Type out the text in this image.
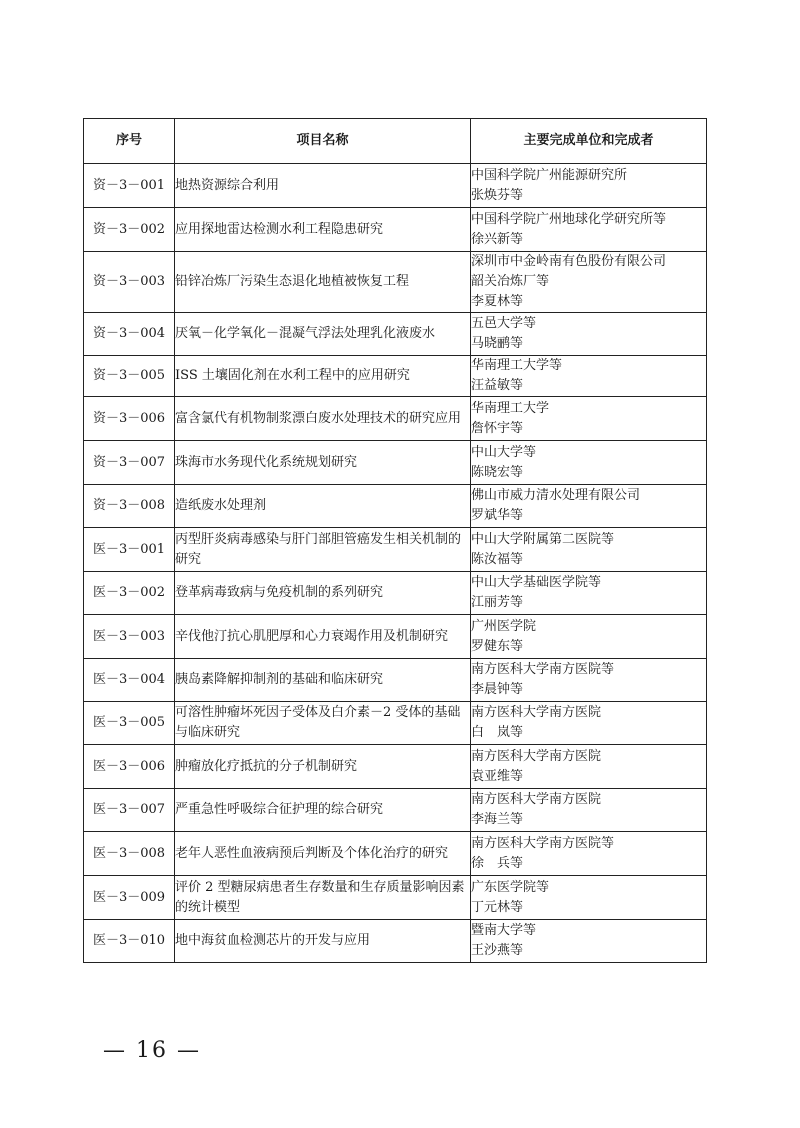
序号	项目名称	主要完成单位和完成者
资－3－001	地热资源综合利用	中国科学院广州能源研究所
张焕芬等

资－3－002	应用探地雷达检测水利工程隐患研究	中国科学院广州地球化学研究所等
徐兴新等

资－3－003	铅锌冶炼厂污染生态退化地植被恢复工程	深圳市中金岭南有色股份有限公司
韶关冶炼厂等
李夏林等

资－3－004	厌氧－化学氧化－混凝气浮法处理乳化液废水	五邑大学等
马晓鹂等

资－3－005	ISS 土壤固化剂在水利工程中的应用研究	华南理工大学等
汪益敏等

资－3－006	富含氯代有机物制浆漂白废水处理技术的研究应用	华南理工大学
詹怀宇等

资－3－007	珠海市水务现代化系统规划研究	中山大学等
陈晓宏等

资－3－008	造纸废水处理剂	佛山市威力清水处理有限公司
罗斌华等

医－3－001	丙型肝炎病毒感染与肝门部胆管癌发生相关机制的研究	中山大学附属第二医院等
陈汝福等

医－3－002	登革病毒致病与免疫机制的系列研究	中山大学基础医学院等
江丽芳等

医－3－003	辛伐他汀抗心肌肥厚和心力衰竭作用及机制研究	广州医学院
罗健东等

医－3－004	胰岛素降解抑制剂的基础和临床研究	南方医科大学南方医院等
李晨钟等

医－3－005	可溶性肿瘤坏死因子受体及白介素－2 受体的基础与临床研究	南方医科大学南方医院
白　岚等

医－3－006	肿瘤放化疗抵抗的分子机制研究	南方医科大学南方医院
袁亚维等

医－3－007	严重急性呼吸综合征护理的综合研究	南方医科大学南方医院
李海兰等

医－3－008	老年人恶性血液病预后判断及个体化治疗的研究	南方医科大学南方医院等
徐　兵等

医－3－009	评价 2 型糖尿病患者生存数量和生存质量影响因素的统计模型	广东医学院等
丁元林等

医－3－010	地中海贫血检测芯片的开发与应用	暨南大学等
王沙燕等
— 16 —
